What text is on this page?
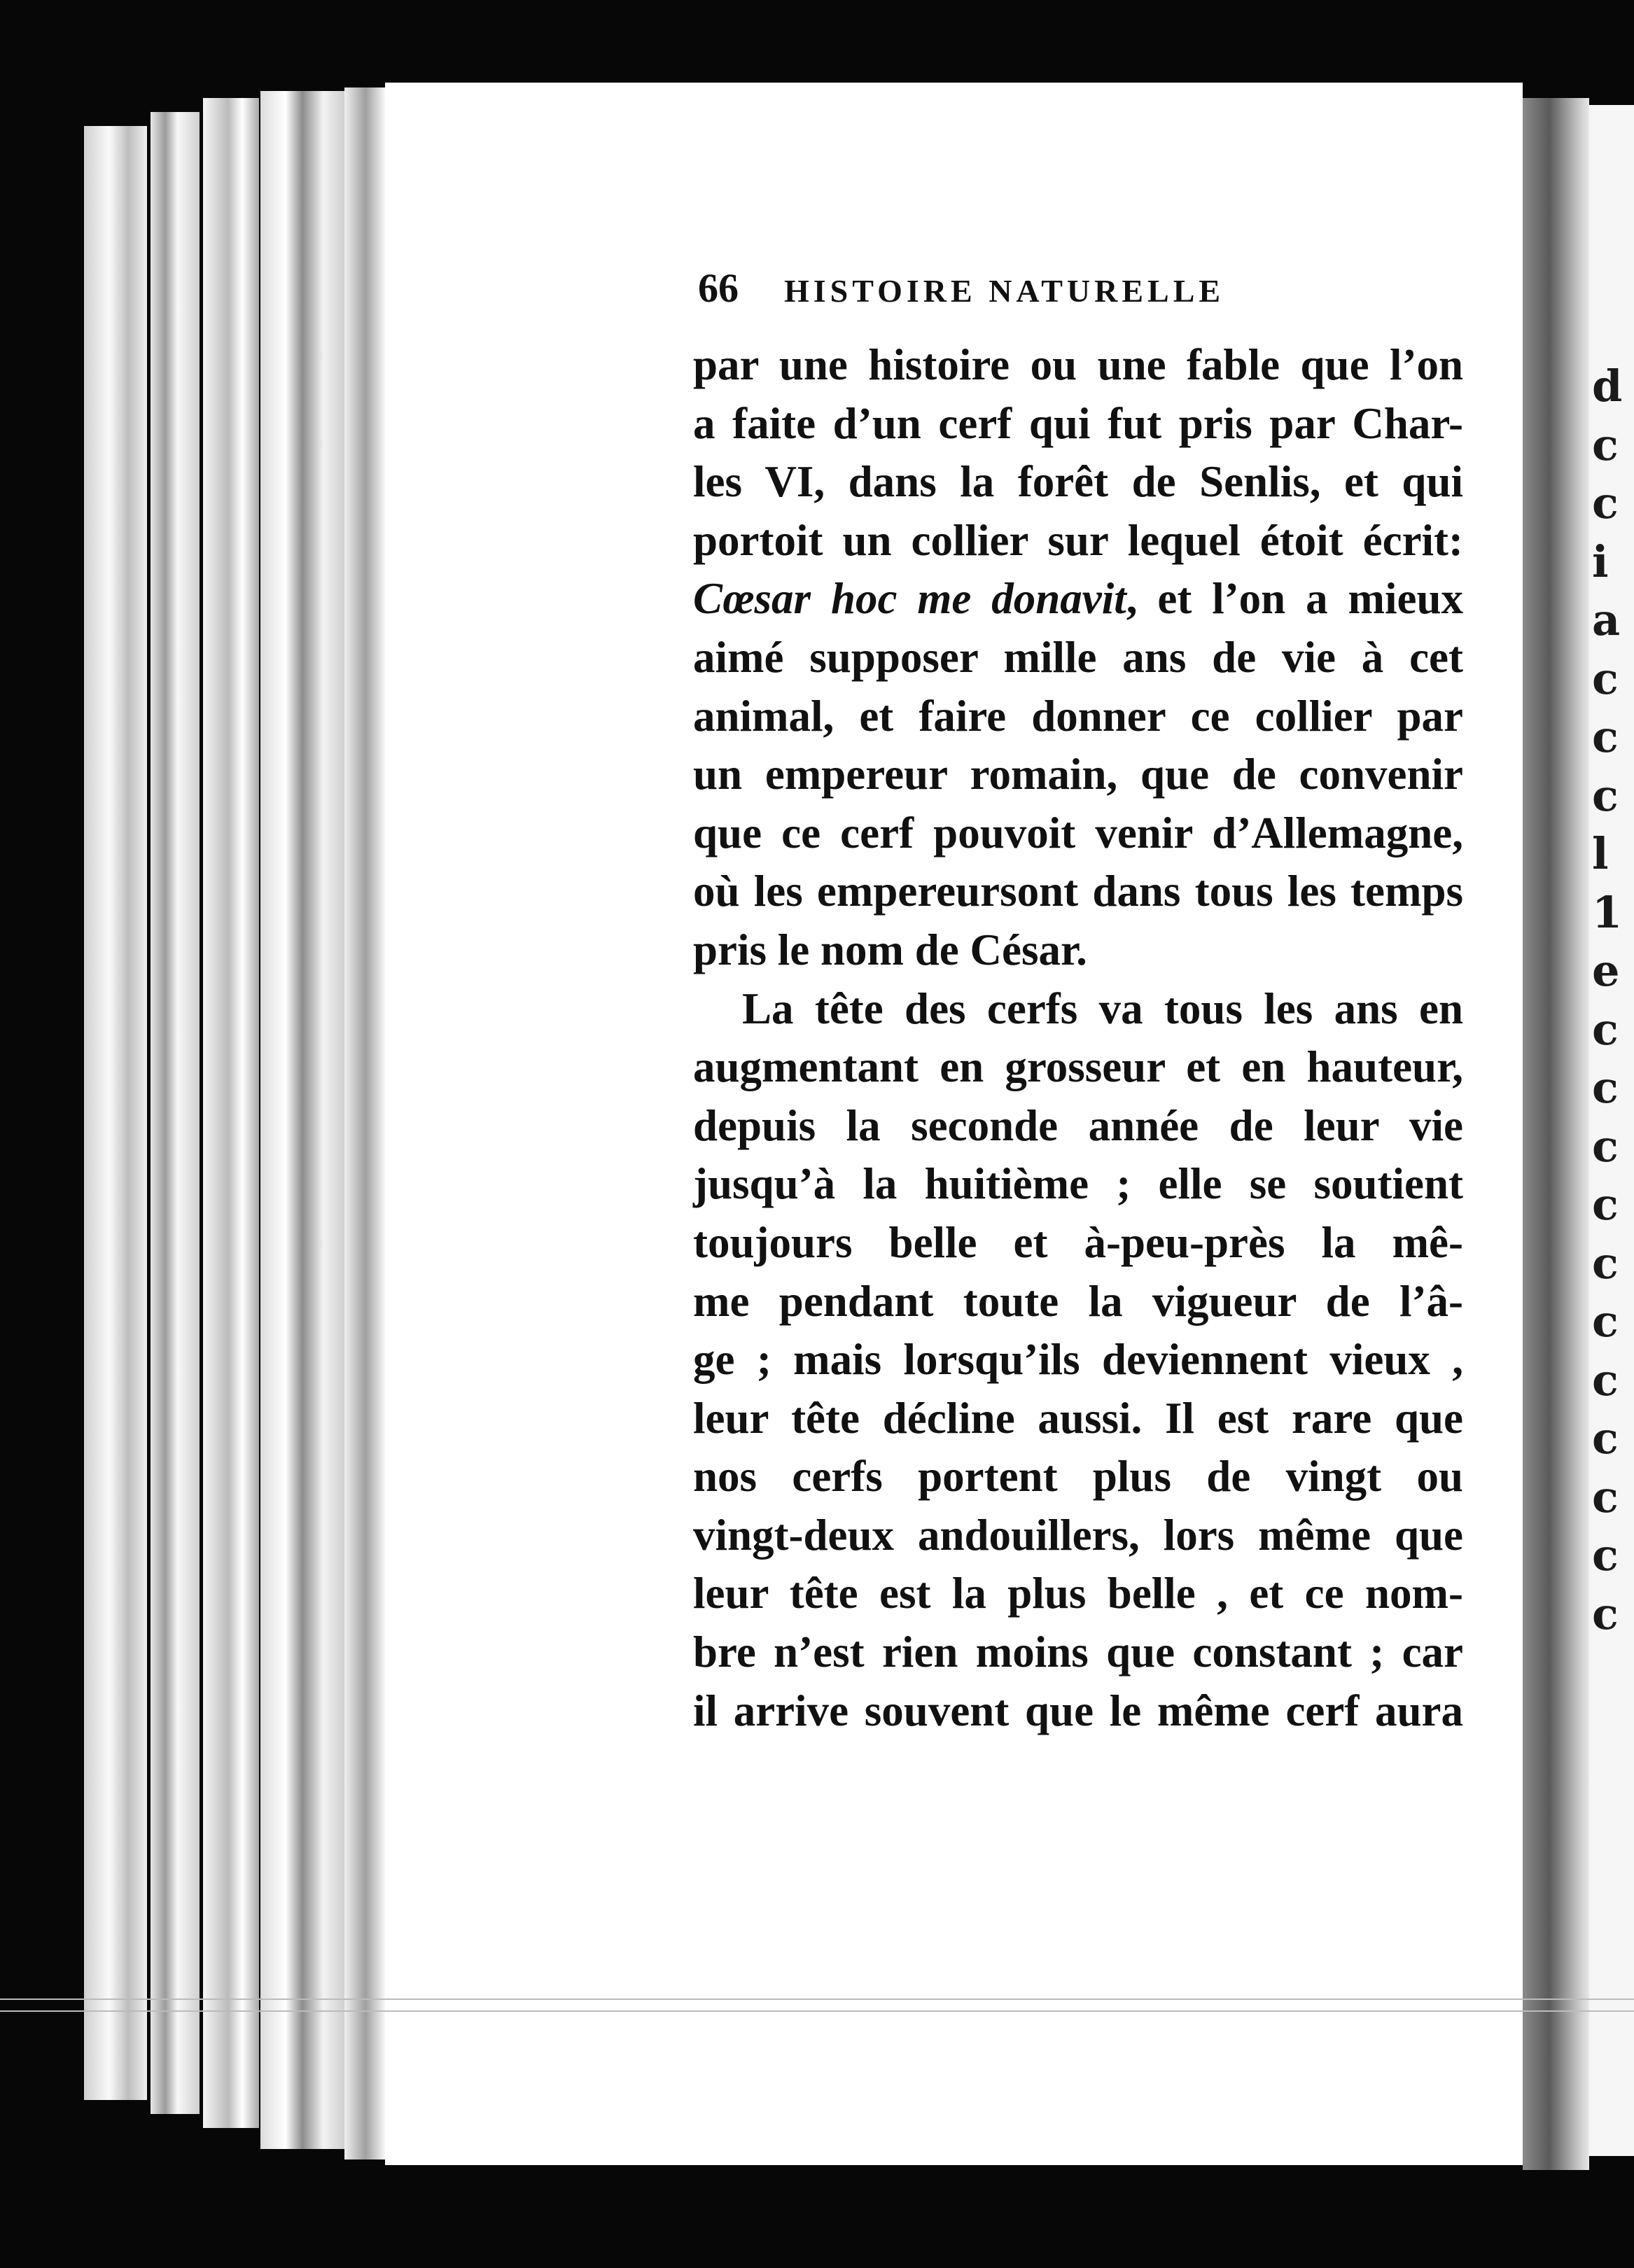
d
c
c
i
a
c
c
c
l
1
e
c
c
c
c
c
c
c
c
c
c
c
66 HISTOIRE NATURELLE
par une histoire ou une fable que l’on
a faite d’un cerf qui fut pris par Char-
les VI, dans la forêt de Senlis, et qui
portoit un collier sur lequel étoit écrit:
Cœsar hoc me donavit, et l’on a mieux
aimé supposer mille ans de vie à cet
animal, et faire donner ce collier par
un empereur romain, que de convenir
que ce cerf pouvoit venir d’Allemagne,
où les empereursont dans tous les temps
pris le nom de César.
La tête des cerfs va tous les ans en
augmentant en grosseur et en hauteur,
depuis la seconde année de leur vie
jusqu’à la huitième ; elle se soutient
toujours belle et à-peu-près la mê-
me pendant toute la vigueur de l’â-
ge ; mais lorsqu’ils deviennent vieux ,
leur tête décline aussi. Il est rare que
nos cerfs portent plus de vingt ou
vingt-deux andouillers, lors même que
leur tête est la plus belle , et ce nom-
bre n’est rien moins que constant ; car
il arrive souvent que le même cerf aura
